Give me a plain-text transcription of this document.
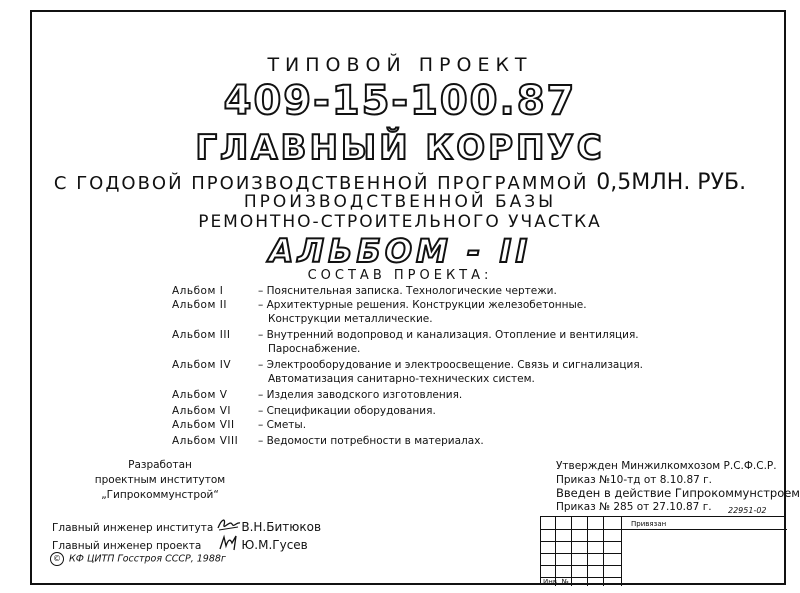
ТИПОВОЙ ПРОЕКТ
409-15-100.87
ГЛАВНЫЙ КОРПУС
С ГОДОВОЙ ПРОИЗВОДСТВЕННОЙ ПРОГРАММОЙ 0,5МЛН. РУБ.
ПРОИЗВОДСТВЕННОЙ БАЗЫ
РЕМОНТНО-СТРОИТЕЛЬНОГО УЧАСТКА
АЛЬБОМ - II
СОСТАВ ПРОЕКТА:
Альбом I	– Пояснительная записка. Технологические чертежи.
Альбом II	– Архитектурные решения. Конструкции железобетонные.
Конструкции металлические.
Альбом III	– Внутренний водопровод и канализация. Отопление и вентиляция.
Пароснабжение.
Альбом IV	– Электрооборудование и электроосвещение. Связь и сигнализация.
Автоматизация санитарно-технических систем.
Альбом V	– Изделия заводского изготовления.
Альбом VI	– Спецификации оборудования.
Альбом VII	– Сметы.
Альбом VIII	– Ведомости потребности в материалах.
Разработан
проектным институтом
„Гипрокоммунстрой“
Главный инженер института В.Н.Битюков
Главный инженер проекта	Ю.М.Гусев
© КФ ЦИТП Госстроя СССР, 1988г
Утвержден Минжилкомхозом Р.С.Ф.С.Р.
Приказ №10-тд от 8.10.87 г.
Введен в действие Гипрокоммунстроем
Приказ № 285 от 27.10.87 г.	22951-02
Привязан
Инв. №
